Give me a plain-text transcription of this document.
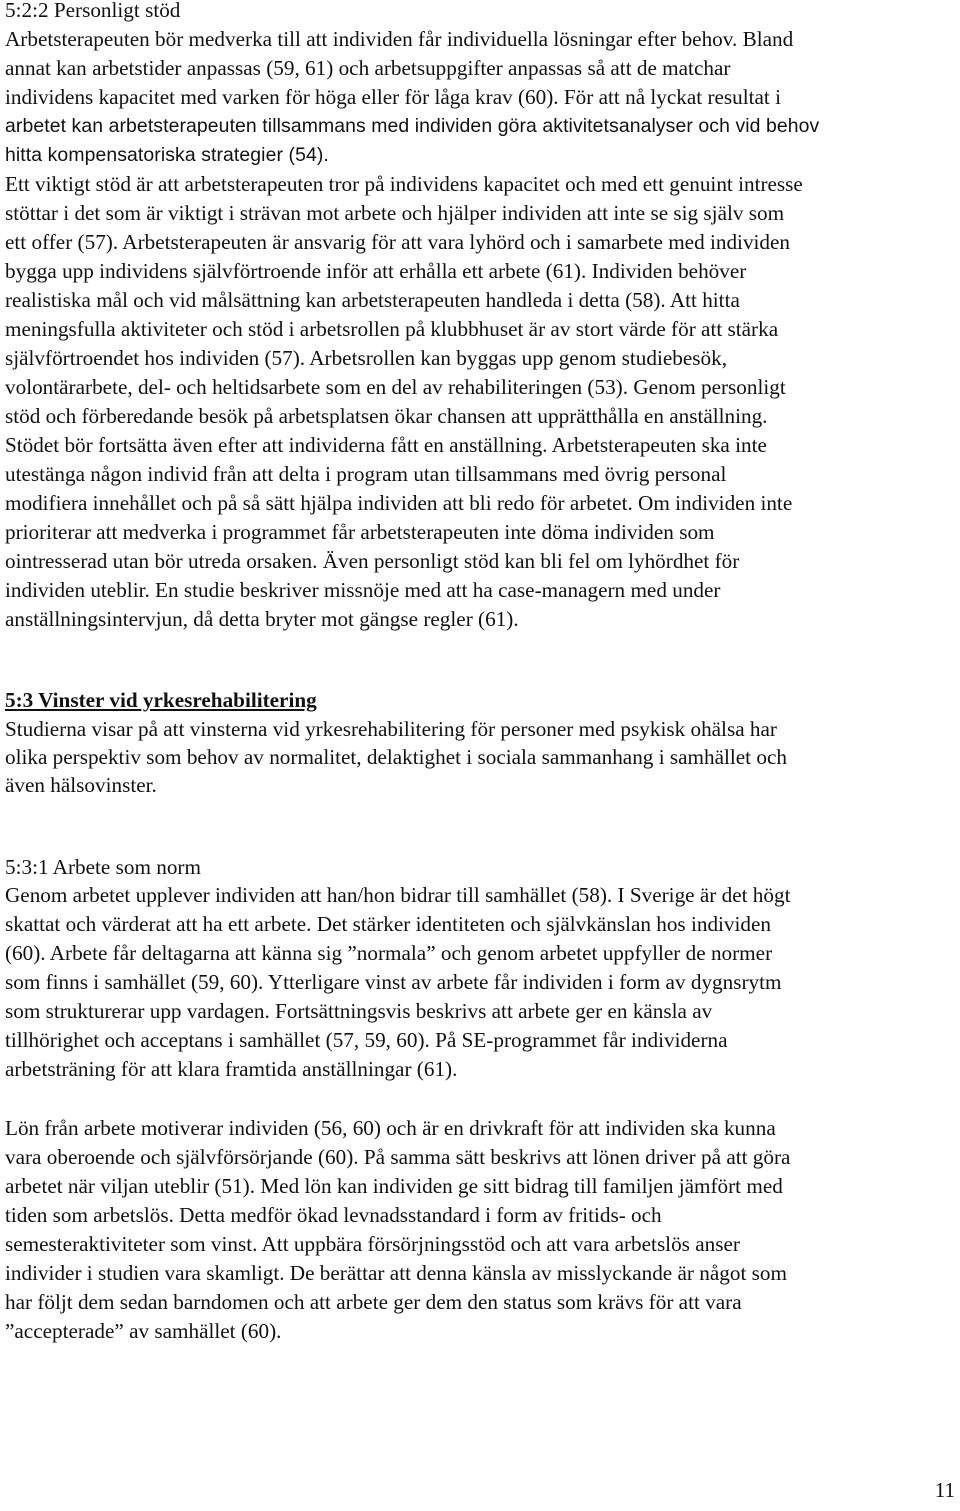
5:2:2 Personligt stöd
Arbetsterapeuten bör medverka till att individen får individuella lösningar efter behov. Bland
annat kan arbetstider anpassas (59, 61) och arbetsuppgifter anpassas så att de matchar
individens kapacitet med varken för höga eller för låga krav (60). För att nå lyckat resultat i
arbetet kan arbetsterapeuten tillsammans med individen göra aktivitetsanalyser och vid behov
hitta kompensatoriska strategier (54).
Ett viktigt stöd är att arbetsterapeuten tror på individens kapacitet och med ett genuint intresse
stöttar i det som är viktigt i strävan mot arbete och hjälper individen att inte se sig själv som
ett offer (57). Arbetsterapeuten är ansvarig för att vara lyhörd och i samarbete med individen
bygga upp individens självförtroende inför att erhålla ett arbete (61). Individen behöver
realistiska mål och vid målsättning kan arbetsterapeuten handleda i detta (58). Att hitta
meningsfulla aktiviteter och stöd i arbetsrollen på klubbhuset är av stort värde för att stärka
självförtroendet hos individen (57). Arbetsrollen kan byggas upp genom studiebesök,
volontärarbete, del- och heltidsarbete som en del av rehabiliteringen (53). Genom personligt
stöd och förberedande besök på arbetsplatsen ökar chansen att upprätthålla en anställning.
Stödet bör fortsätta även efter att individerna fått en anställning. Arbetsterapeuten ska inte
utestänga någon individ från att delta i program utan tillsammans med övrig personal
modifiera innehållet och på så sätt hjälpa individen att bli redo för arbetet. Om individen inte
prioriterar att medverka i programmet får arbetsterapeuten inte döma individen som
ointresserad utan bör utreda orsaken. Även personligt stöd kan bli fel om lyhördhet för
individen uteblir. En studie beskriver missnöje med att ha case-managern med under
anställningsintervjun, då detta bryter mot gängse regler (61).
5:3 Vinster vid yrkesrehabilitering
Studierna visar på att vinsterna vid yrkesrehabilitering för personer med psykisk ohälsa har
olika perspektiv som behov av normalitet, delaktighet i sociala sammanhang i samhället och
även hälsovinster.
5:3:1 Arbete som norm
Genom arbetet upplever individen att han/hon bidrar till samhället (58). I Sverige är det högt
skattat och värderat att ha ett arbete. Det stärker identiteten och självkänslan hos individen
(60). Arbete får deltagarna att känna sig ”normala” och genom arbetet uppfyller de normer
som finns i samhället (59, 60). Ytterligare vinst av arbete får individen i form av dygnsrytm
som strukturerar upp vardagen. Fortsättningsvis beskrivs att arbete ger en känsla av
tillhörighet och acceptans i samhället (57, 59, 60). På SE-programmet får individerna
arbetsträning för att klara framtida anställningar (61).
Lön från arbete motiverar individen (56, 60) och är en drivkraft för att individen ska kunna
vara oberoende och självförsörjande (60). På samma sätt beskrivs att lönen driver på att göra
arbetet när viljan uteblir (51). Med lön kan individen ge sitt bidrag till familjen jämfört med
tiden som arbetslös. Detta medför ökad levnadsstandard i form av fritids- och
semesteraktiviteter som vinst. Att uppbära försörjningsstöd och att vara arbetslös anser
individer i studien vara skamligt. De berättar att denna känsla av misslyckande är något som
har följt dem sedan barndomen och att arbete ger dem den status som krävs för att vara
”accepterade” av samhället (60).
11
